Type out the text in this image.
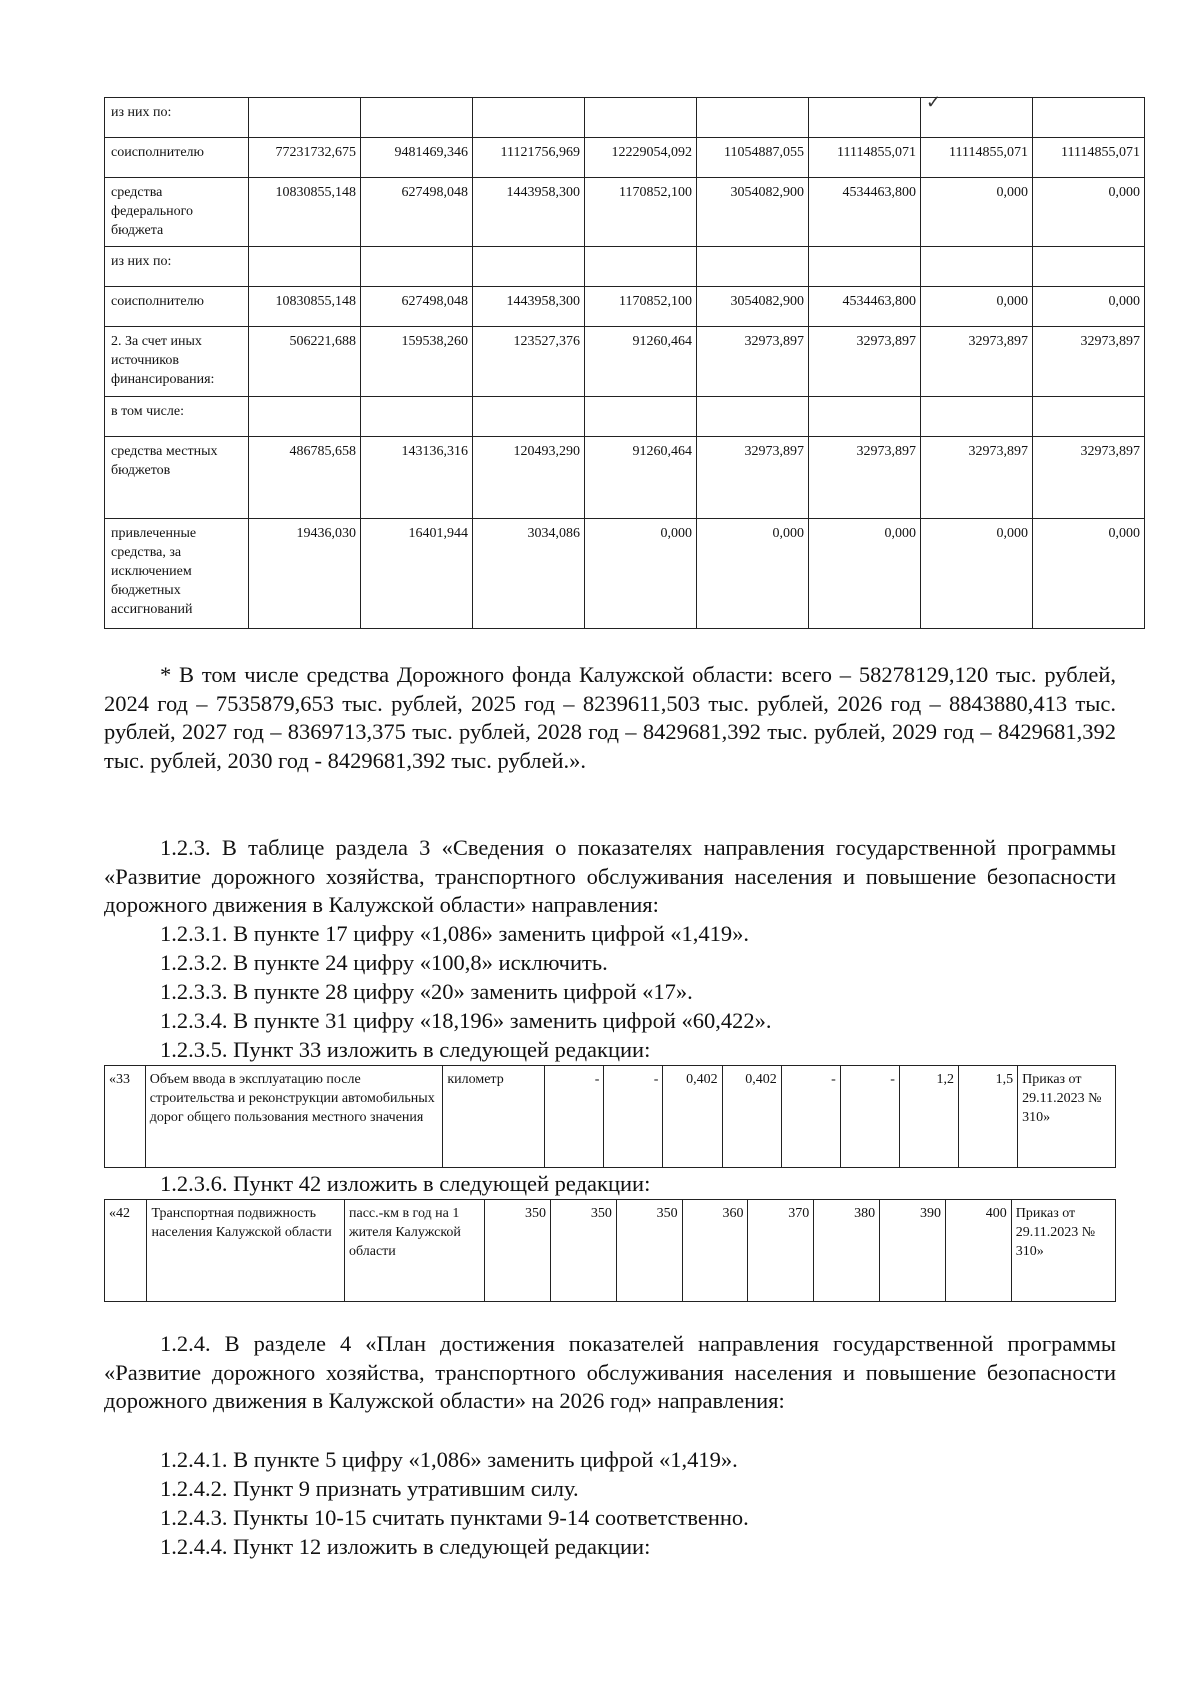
✓
из них по:								
соисполнителю	77231732,675	9481469,346	11121756,969	12229054,092	11054887,055	11114855,071	11114855,071	11114855,071
средства федерального бюджета	10830855,148	627498,048	1443958,300	1170852,100	3054082,900	4534463,800	0,000	0,000
из них по:								
соисполнителю	10830855,148	627498,048	1443958,300	1170852,100	3054082,900	4534463,800	0,000	0,000
2. За счет иных источников финансирования:	506221,688	159538,260	123527,376	91260,464	32973,897	32973,897	32973,897	32973,897
в том числе:								
средства местных бюджетов	486785,658	143136,316	120493,290	91260,464	32973,897	32973,897	32973,897	32973,897
привлеченные средства, за исключением бюджетных ассигнований	19436,030	16401,944	3034,086	0,000	0,000	0,000	0,000	0,000
* В том числе средства Дорожного фонда Калужской области: всего – 58278129,120 тыс. рублей, 2024 год – 7535879,653 тыс. рублей, 2025 год – 8239611,503 тыс. рублей, 2026 год – 8843880,413 тыс. рублей, 2027 год – 8369713,375 тыс. рублей, 2028 год – 8429681,392 тыс. рублей, 2029 год – 8429681,392 тыс. рублей, 2030 год - 8429681,392 тыс. рублей.».
1.2.3. В таблице раздела 3 «Сведения о показателях направления государственной программы «Развитие дорожного хозяйства, транспортного обслуживания населения и повышение безопасности дорожного движения в Калужской области» направления:
1.2.3.1. В пункте 17 цифру «1,086» заменить цифрой «1,419».
1.2.3.2. В пункте 24 цифру «100,8» исключить.
1.2.3.3. В пункте 28 цифру «20» заменить цифрой «17».
1.2.3.4. В пункте 31 цифру «18,196» заменить цифрой «60,422».
1.2.3.5. Пункт 33 изложить в следующей редакции:
«33	Объем ввода в эксплуатацию после строительства и реконструкции автомобильных дорог общего пользования местного значения	километр	-	-	0,402	0,402	-	-	1,2	1,5	Приказ от 29.11.2023 № 310»
1.2.3.6. Пункт 42 изложить в следующей редакции:
«42	Транспортная подвижность населения Калужской области	пасс.-км в год на 1 жителя Калужской области	350	350	350	360	370	380	390	400	Приказ от 29.11.2023 № 310»
1.2.4. В разделе 4 «План достижения показателей направления государственной программы «Развитие дорожного хозяйства, транспортного обслуживания населения и повышение безопасности дорожного движения в Калужской области» на 2026 год» направления:
1.2.4.1. В пункте 5 цифру «1,086» заменить цифрой «1,419».
1.2.4.2. Пункт 9 признать утратившим силу.
1.2.4.3. Пункты 10-15 считать пунктами 9-14 соответственно.
1.2.4.4. Пункт 12 изложить в следующей редакции:
